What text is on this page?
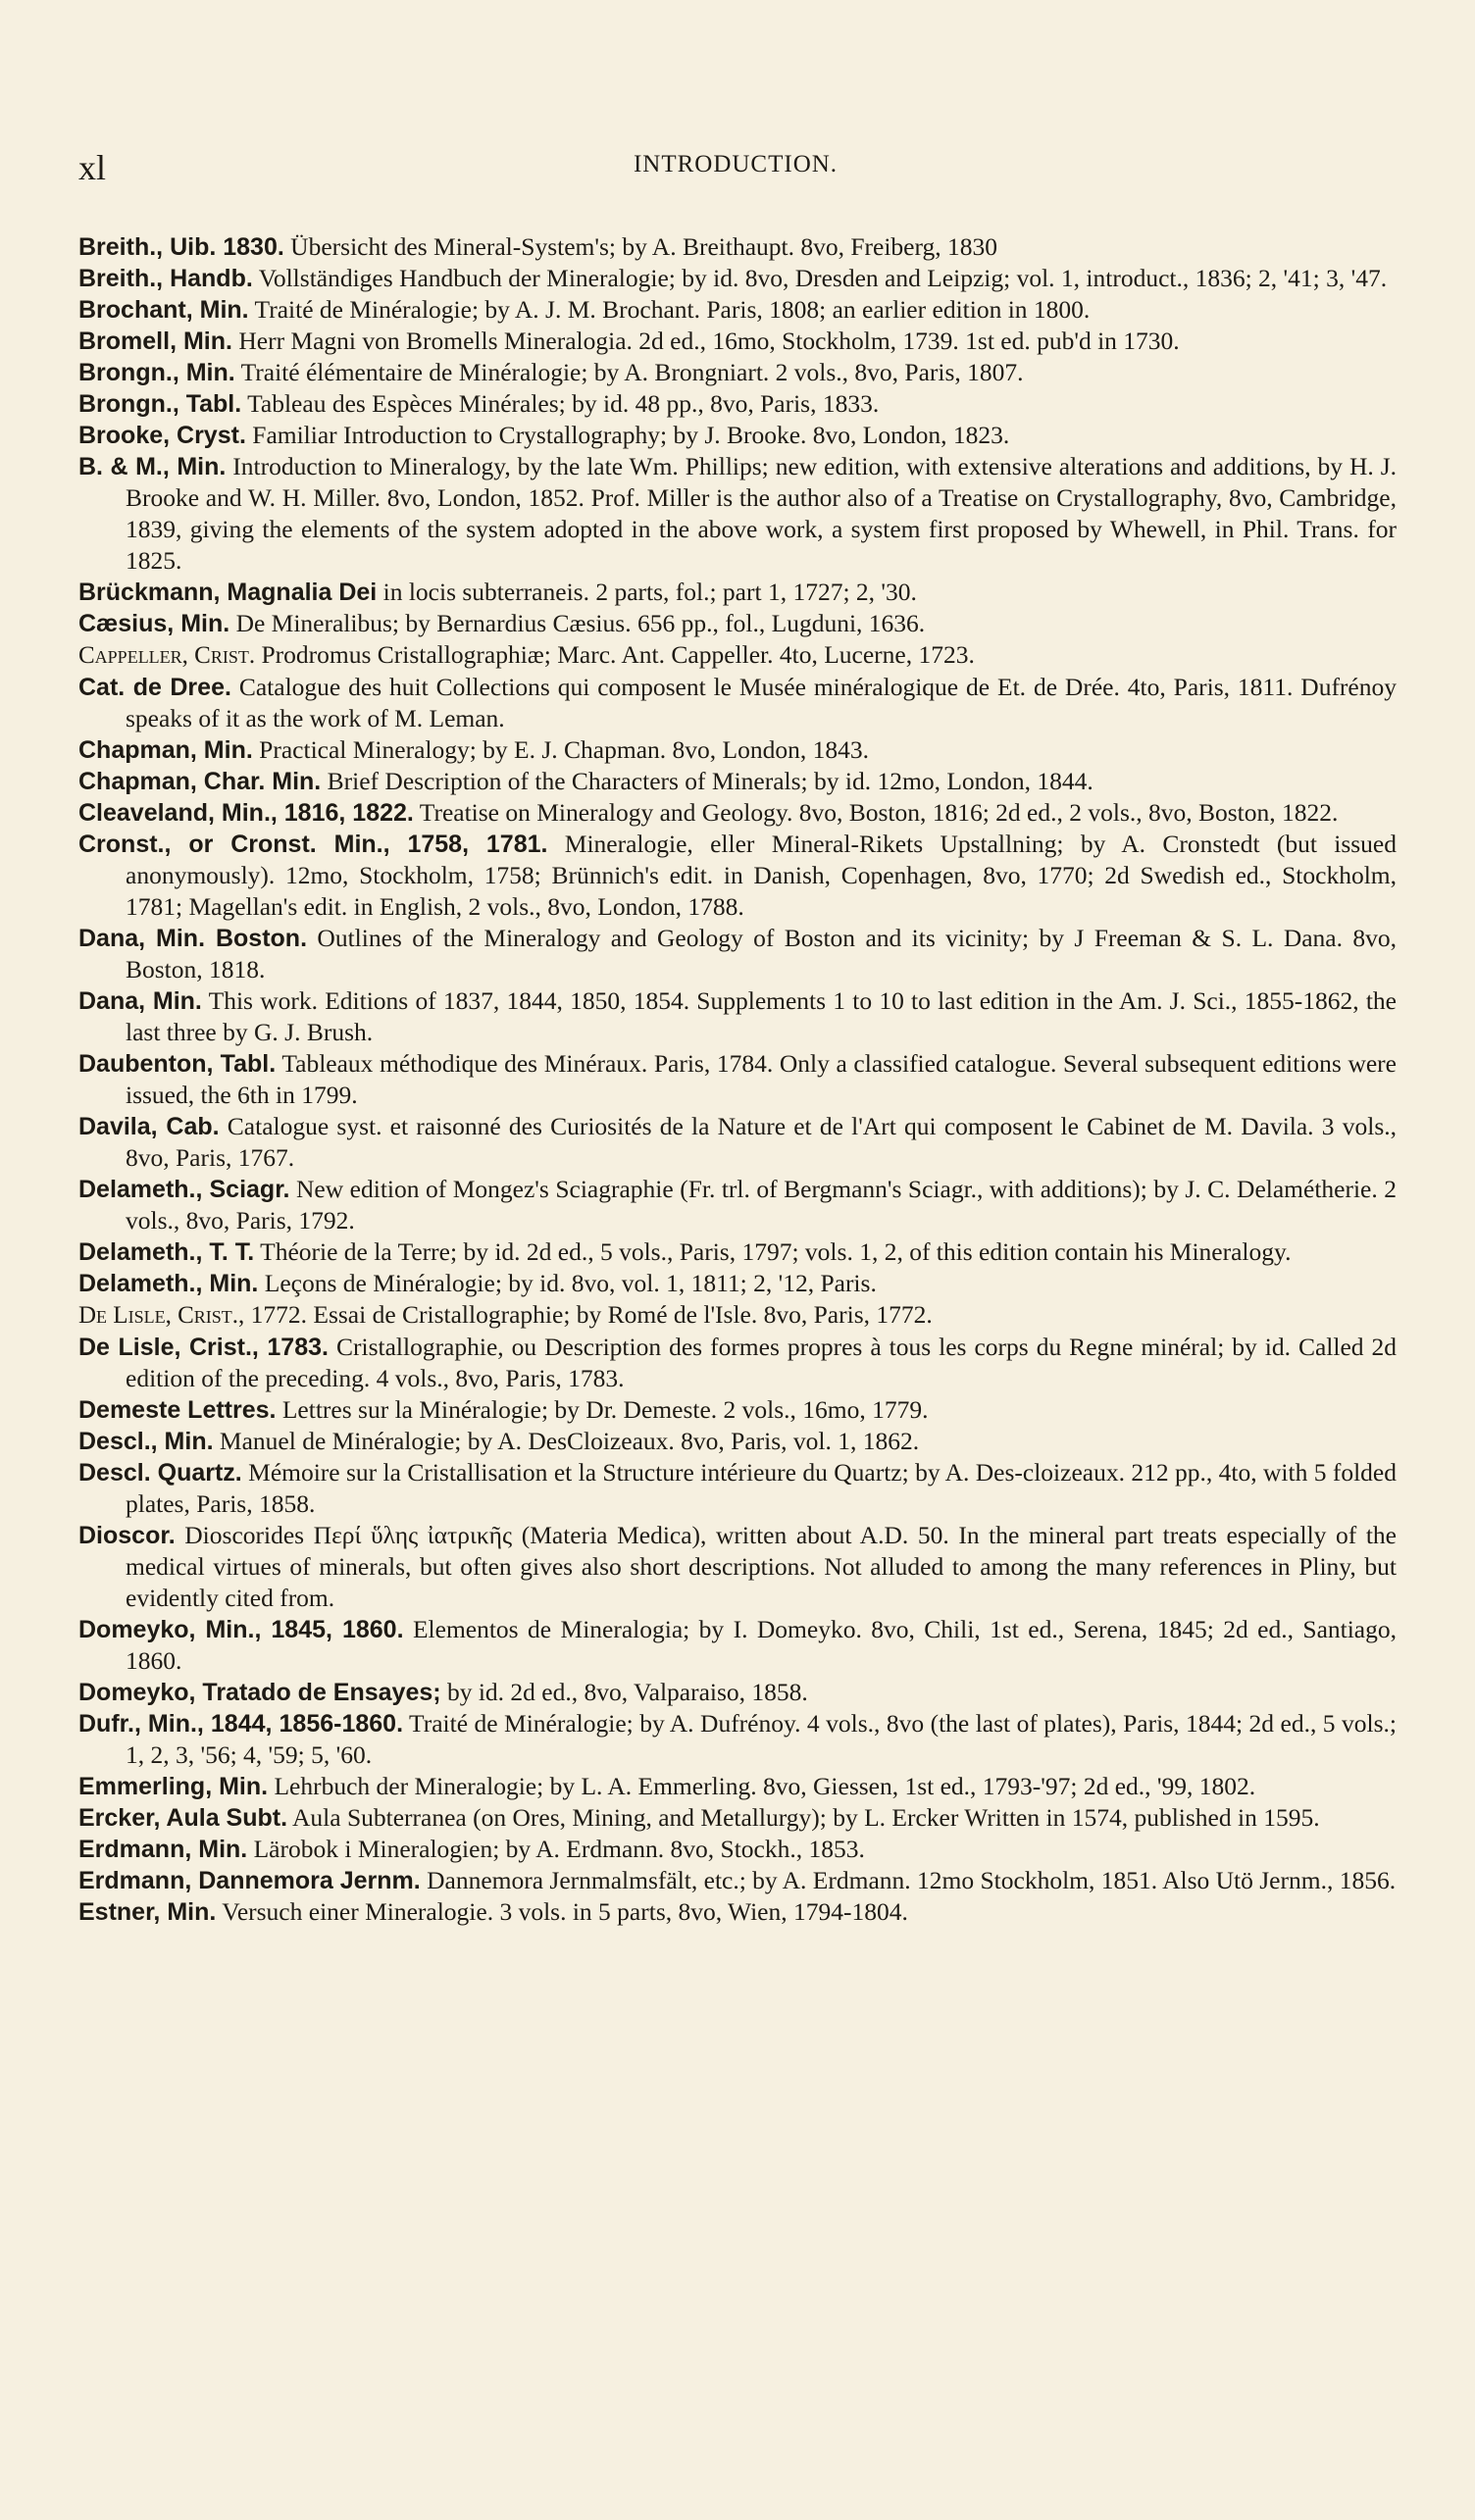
xl	INTRODUCTION.

Breith., Uib. 1830. Übersicht des Mineral-System's; by A. Breithaupt. 8vo, Freiberg, 1830

Breith., Handb. Vollständiges Handbuch der Mineralogie; by id. 8vo, Dresden and Leipzig; vol. 1, introduct., 1836; 2, '41; 3, '47.

Brochant, Min. Traité de Minéralogie; by A. J. M. Brochant. Paris, 1808; an earlier edition in 1800.

Bromell, Min. Herr Magni von Bromells Mineralogia. 2d ed., 16mo, Stockholm, 1739. 1st ed. pub'd in 1730.

Brongn., Min. Traité élémentaire de Minéralogie; by A. Brongniart. 2 vols., 8vo, Paris, 1807.

Brongn., Tabl. Tableau des Espèces Minérales; by id. 48 pp., 8vo, Paris, 1833.

Brooke, Cryst. Familiar Introduction to Crystallography; by J. Brooke. 8vo, London, 1823.

B. & M., Min. Introduction to Mineralogy, by the late Wm. Phillips; new edition, with extensive alterations and additions, by H. J. Brooke and W. H. Miller. 8vo, London, 1852. Prof. Miller is the author also of a Treatise on Crystallography, 8vo, Cambridge, 1839, giving the elements of the system adopted in the above work, a system first proposed by Whewell, in Phil. Trans. for 1825.

Brückmann, Magnalia Dei in locis subterraneis. 2 parts, fol.; part 1, 1727; 2, '30.

Cæsius, Min. De Mineralibus; by Bernardius Cæsius. 656 pp., fol., Lugduni, 1636.

Cappeller, Crist. Prodromus Cristallographiæ; Marc. Ant. Cappeller. 4to, Lucerne, 1723.

Cat. de Dree. Catalogue des huit Collections qui composent le Musée minéralogique de Et. de Drée. 4to, Paris, 1811. Dufrénoy speaks of it as the work of M. Leman.

Chapman, Min. Practical Mineralogy; by E. J. Chapman. 8vo, London, 1843.

Chapman, Char. Min. Brief Description of the Characters of Minerals; by id. 12mo, London, 1844.

Cleaveland, Min., 1816, 1822. Treatise on Mineralogy and Geology. 8vo, Boston, 1816; 2d ed., 2 vols., 8vo, Boston, 1822.

Cronst., or Cronst. Min., 1758, 1781. Mineralogie, eller Mineral-Rikets Upstallning; by A. Cronstedt (but issued anonymously). 12mo, Stockholm, 1758; Brünnich's edit. in Danish, Copenhagen, 8vo, 1770; 2d Swedish ed., Stockholm, 1781; Magellan's edit. in English, 2 vols., 8vo, London, 1788.

Dana, Min. Boston. Outlines of the Mineralogy and Geology of Boston and its vicinity; by J Freeman & S. L. Dana. 8vo, Boston, 1818.

Dana, Min. This work. Editions of 1837, 1844, 1850, 1854. Supplements 1 to 10 to last edition in the Am. J. Sci., 1855-1862, the last three by G. J. Brush.

Daubenton, Tabl. Tableaux méthodique des Minéraux. Paris, 1784. Only a classified catalogue. Several subsequent editions were issued, the 6th in 1799.

Davila, Cab. Catalogue syst. et raisonné des Curiosités de la Nature et de l'Art qui composent le Cabinet de M. Davila. 3 vols., 8vo, Paris, 1767.

Delameth., Sciagr. New edition of Mongez's Sciagraphie (Fr. trl. of Bergmann's Sciagr., with additions); by J. C. Delamétherie. 2 vols., 8vo, Paris, 1792.

Delameth., T. T. Théorie de la Terre; by id. 2d ed., 5 vols., Paris, 1797; vols. 1, 2, of this edition contain his Mineralogy.

Delameth., Min. Leçons de Minéralogie; by id. 8vo, vol. 1, 1811; 2, '12, Paris.

De Lisle, Crist., 1772. Essai de Cristallographie; by Romé de l'Isle. 8vo, Paris, 1772.

De Lisle, Crist., 1783. Cristallographie, ou Description des formes propres à tous les corps du Regne minéral; by id. Called 2d edition of the preceding. 4 vols., 8vo, Paris, 1783.

Demeste Lettres. Lettres sur la Minéralogie; by Dr. Demeste. 2 vols., 16mo, 1779.

Descl., Min. Manuel de Minéralogie; by A. DesCloizeaux. 8vo, Paris, vol. 1, 1862.

Descl. Quartz. Mémoire sur la Cristallisation et la Structure intérieure du Quartz; by A. Des-cloizeaux. 212 pp., 4to, with 5 folded plates, Paris, 1858.

Dioscor. Dioscorides Περί ὕλης ἰατρικῆς (Materia Medica), written about A.D. 50. In the mineral part treats especially of the medical virtues of minerals, but often gives also short descriptions. Not alluded to among the many references in Pliny, but evidently cited from.

Domeyko, Min., 1845, 1860. Elementos de Mineralogia; by I. Domeyko. 8vo, Chili, 1st ed., Serena, 1845; 2d ed., Santiago, 1860.

Domeyko, Tratado de Ensayes; by id. 2d ed., 8vo, Valparaiso, 1858.

Dufr., Min., 1844, 1856-1860. Traité de Minéralogie; by A. Dufrénoy. 4 vols., 8vo (the last of plates), Paris, 1844; 2d ed., 5 vols.; 1, 2, 3, '56; 4, '59; 5, '60.

Emmerling, Min. Lehrbuch der Mineralogie; by L. A. Emmerling. 8vo, Giessen, 1st ed., 1793-'97; 2d ed., '99, 1802.

Ercker, Aula Subt. Aula Subterranea (on Ores, Mining, and Metallurgy); by L. Ercker Written in 1574, published in 1595.

Erdmann, Min. Lärobok i Mineralogien; by A. Erdmann. 8vo, Stockh., 1853.

Erdmann, Dannemora Jernm. Dannemora Jernmalmsfält, etc.; by A. Erdmann. 12mo Stockholm, 1851. Also Utö Jernm., 1856.

Estner, Min. Versuch einer Mineralogie. 3 vols. in 5 parts, 8vo, Wien, 1794-1804.
